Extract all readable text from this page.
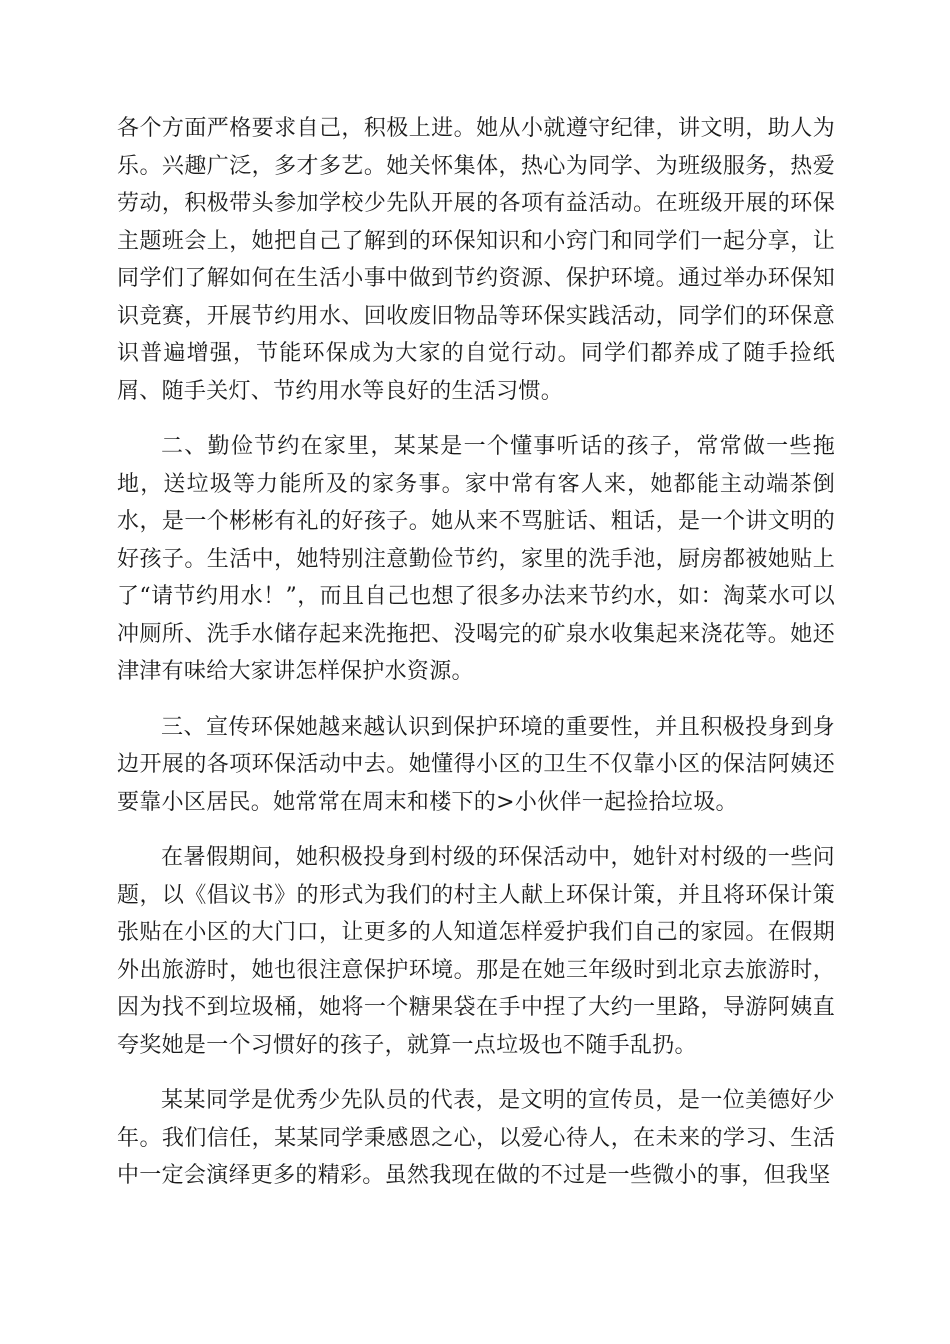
各个方面严格要求自己，积极上进。她从小就遵守纪律，讲文明，助人为乐。兴趣广泛，多才多艺。她关怀集体，热心为同学、为班级服务，热爱劳动，积极带头参加学校少先队开展的各项有益活动。在班级开展的环保主题班会上，她把自己了解到的环保知识和小窍门和同学们一起分享，让同学们了解如何在生活小事中做到节约资源、保护环境。通过举办环保知识竞赛，开展节约用水、回收废旧物品等环保实践活动，同学们的环保意识普遍增强，节能环保成为大家的自觉行动。同学们都养成了随手捡纸屑、随手关灯、节约用水等良好的生活习惯。

二、勤俭节约在家里，某某是一个懂事听话的孩子，常常做一些拖地，送垃圾等力能所及的家务事。家中常有客人来，她都能主动端茶倒水，是一个彬彬有礼的好孩子。她从来不骂脏话、粗话，是一个讲文明的好孩子。生活中，她特别注意勤俭节约，家里的洗手池，厨房都被她贴上了“请节约用水！”，而且自己也想了很多办法来节约水，如：淘菜水可以冲厕所、洗手水储存起来洗拖把、没喝完的矿泉水收集起来浇花等。她还津津有味给大家讲怎样保护水资源。

三、宣传环保她越来越认识到保护环境的重要性，并且积极投身到身边开展的各项环保活动中去。她懂得小区的卫生不仅靠小区的保洁阿姨还要靠小区居民。她常常在周末和楼下的>小伙伴一起捡拾垃圾。

在暑假期间，她积极投身到村级的环保活动中，她针对村级的一些问题，以《倡议书》的形式为我们的村主人献上环保计策，并且将环保计策张贴在小区的大门口，让更多的人知道怎样爱护我们自己的家园。在假期外出旅游时，她也很注意保护环境。那是在她三年级时到北京去旅游时，因为找不到垃圾桶，她将一个糖果袋在手中捏了大约一里路，导游阿姨直夸奖她是一个习惯好的孩子，就算一点垃圾也不随手乱扔。

某某同学是优秀少先队员的代表，是文明的宣传员，是一位美德好少年。我们信任，某某同学秉感恩之心，以爱心待人，在未来的学习、生活中一定会演绎更多的精彩。虽然我现在做的不过是一些微小的事，但我坚
